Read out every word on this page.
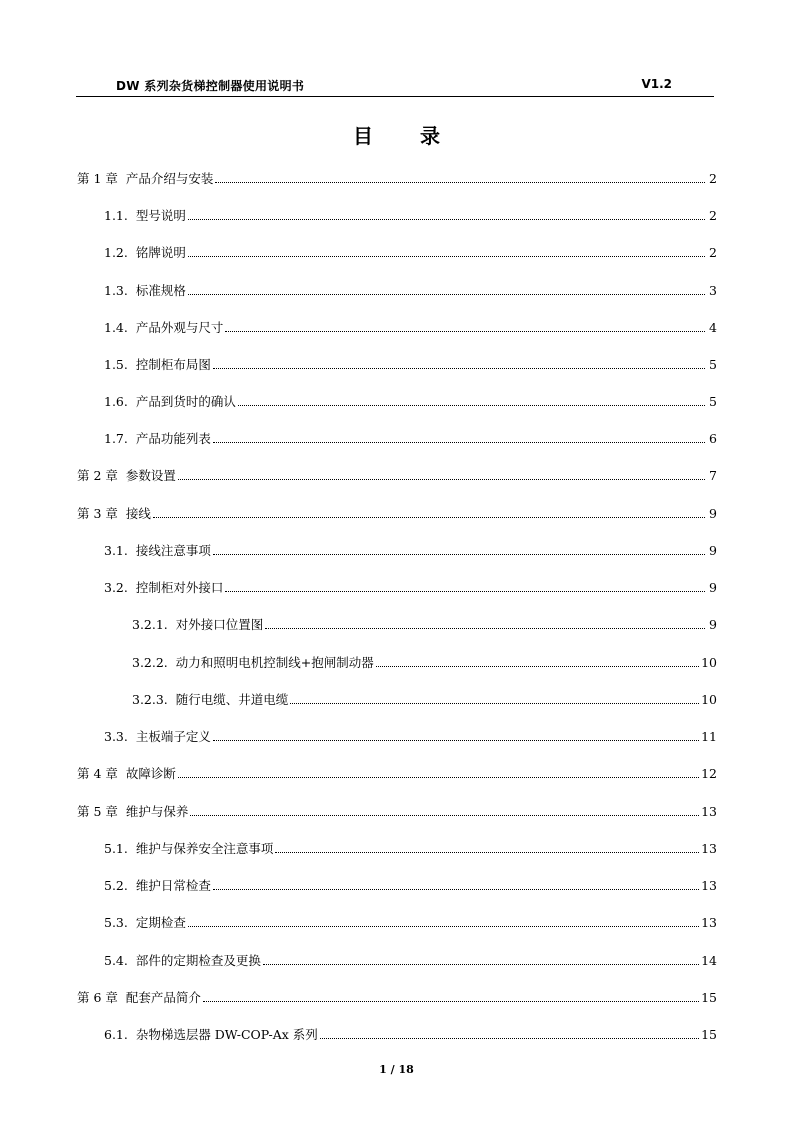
DW 系列杂货梯控制器使用说明书	V1.2
目 录
第 1 章 产品介绍与安装	2
1.1. 型号说明	2
1.2. 铭牌说明	2
1.3. 标准规格	3
1.4. 产品外观与尺寸	4
1.5. 控制柜布局图	5
1.6. 产品到货时的确认	5
1.7. 产品功能列表	6
第 2 章 参数设置	7
第 3 章 接线	9
3.1. 接线注意事项	9
3.2. 控制柜对外接口	9
3.2.1. 对外接口位置图	9
3.2.2. 动力和照明电机控制线+抱闸制动器	10
3.2.3. 随行电缆、井道电缆	10
3.3. 主板端子定义	11
第 4 章 故障诊断	12
第 5 章 维护与保养	13
5.1. 维护与保养安全注意事项	13
5.2. 维护日常检查	13
5.3. 定期检查	13
5.4. 部件的定期检查及更换	14
第 6 章 配套产品简介	15
6.1. 杂物梯选层器 DW-COP-Ax 系列	15
1 / 18
